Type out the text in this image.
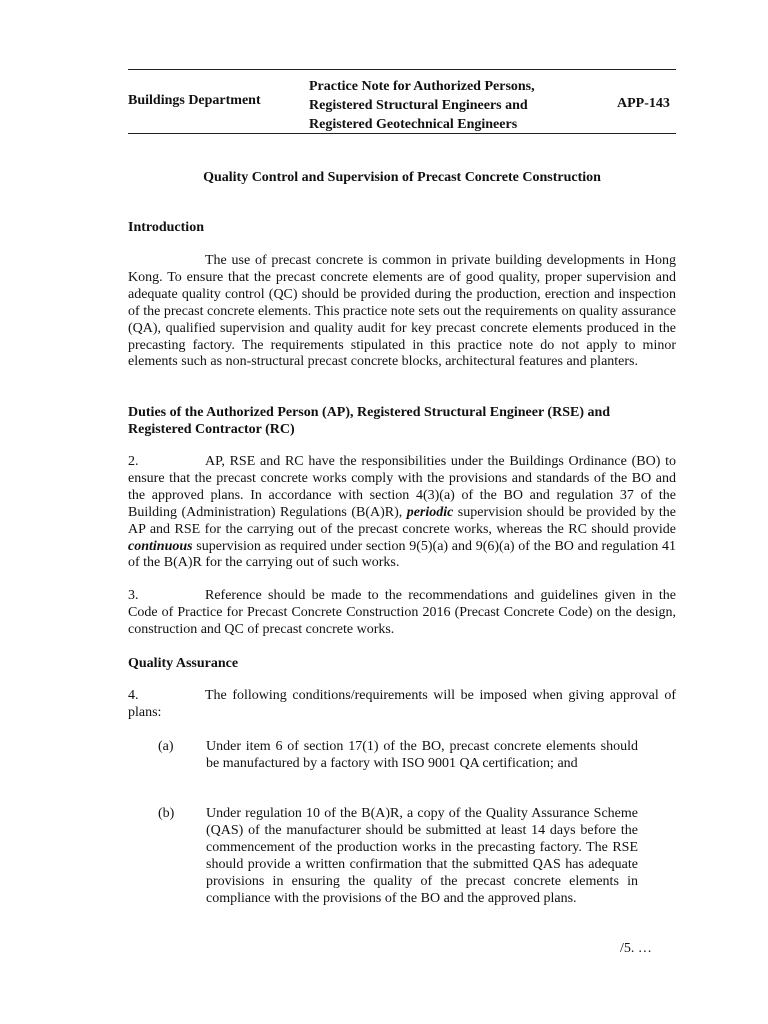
Buildings Department
Practice Note for Authorized Persons,
Registered Structural Engineers and
Registered Geotechnical Engineers
APP-143
Quality Control and Supervision of Precast Concrete Construction
Introduction
The use of precast concrete is common in private building developments in Hong Kong. To ensure that the precast concrete elements are of good quality, proper supervision and adequate quality control (QC) should be provided during the production, erection and inspection of the precast concrete elements. This practice note sets out the requirements on quality assurance (QA), qualified supervision and quality audit for key precast concrete elements produced in the precasting factory. The requirements stipulated in this practice note do not apply to minor elements such as non-structural precast concrete blocks, architectural features and planters.
Duties of the Authorized Person (AP), Registered Structural Engineer (RSE) and Registered Contractor (RC)
2.	AP, RSE and RC have the responsibilities under the Buildings Ordinance (BO) to ensure that the precast concrete works comply with the provisions and standards of the BO and the approved plans. In accordance with section 4(3)(a) of the BO and regulation 37 of the Building (Administration) Regulations (B(A)R), periodic supervision should be provided by the AP and RSE for the carrying out of the precast concrete works, whereas the RC should provide continuous supervision as required under section 9(5)(a) and 9(6)(a) of the BO and regulation 41 of the B(A)R for the carrying out of such works.
3.	Reference should be made to the recommendations and guidelines given in the Code of Practice for Precast Concrete Construction 2016 (Precast Concrete Code) on the design, construction and QC of precast concrete works.
Quality Assurance
4.	The following conditions/requirements will be imposed when giving approval of plans:
(a) Under item 6 of section 17(1) of the BO, precast concrete elements should be manufactured by a factory with ISO 9001 QA certification; and
(b) Under regulation 10 of the B(A)R, a copy of the Quality Assurance Scheme (QAS) of the manufacturer should be submitted at least 14 days before the commencement of the production works in the precasting factory. The RSE should provide a written confirmation that the submitted QAS has adequate provisions in ensuring the quality of the precast concrete elements in compliance with the provisions of the BO and the approved plans.
/5. …
